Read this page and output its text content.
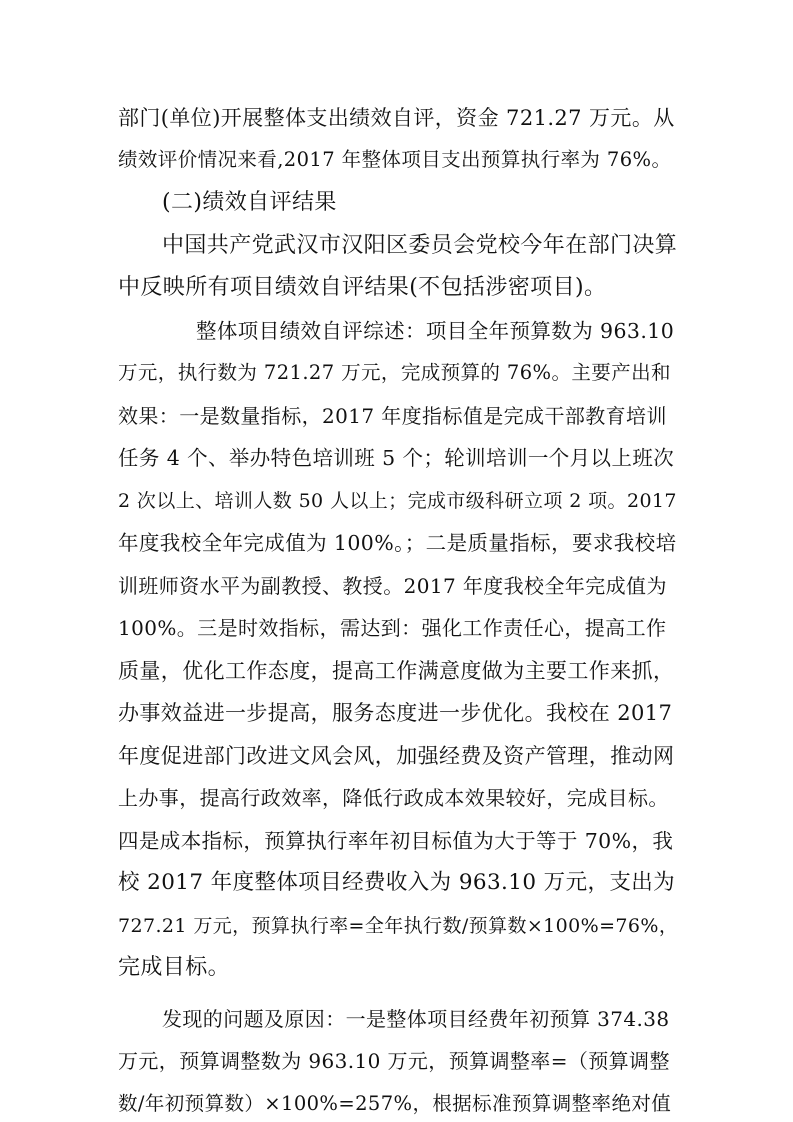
部门(单位)开展整体支出绩效自评，资金 721.27 万元。从
绩效评价情况来看,2017 年整体项目支出预算执行率为 76%。
(二)绩效自评结果
中国共产党武汉市汉阳区委员会党校今年在部门决算
中反映所有项目绩效自评结果(不包括涉密项目)。
整体项目绩效自评综述：项目全年预算数为 963.10
万元，执行数为 721.27 万元，完成预算的 76%。主要产出和
效果：一是数量指标，2017 年度指标值是完成干部教育培训
任务 4 个、举办特色培训班 5 个；轮训培训一个月以上班次
2 次以上、培训人数 50 人以上；完成市级科研立项 2 项。2017
年度我校全年完成值为 100%。；二是质量指标，要求我校培
训班师资水平为副教授、教授。2017 年度我校全年完成值为
100%。三是时效指标，需达到：强化工作责任心，提高工作
质量，优化工作态度，提高工作满意度做为主要工作来抓，
办事效益进一步提高，服务态度进一步优化。我校在 2017
年度促进部门改进文风会风，加强经费及资产管理，推动网
上办事，提高行政效率，降低行政成本效果较好，完成目标。
四是成本指标，预算执行率年初目标值为大于等于 70%，我
校 2017 年度整体项目经费收入为 963.10 万元，支出为
727.21 万元，预算执行率=全年执行数/预算数×100%=76%，
完成目标。
发现的问题及原因：一是整体项目经费年初预算 374.38
万元，预算调整数为 963.10 万元，预算调整率=（预算调整
数/年初预算数）×100%=257%，根据标准预算调整率绝对值
